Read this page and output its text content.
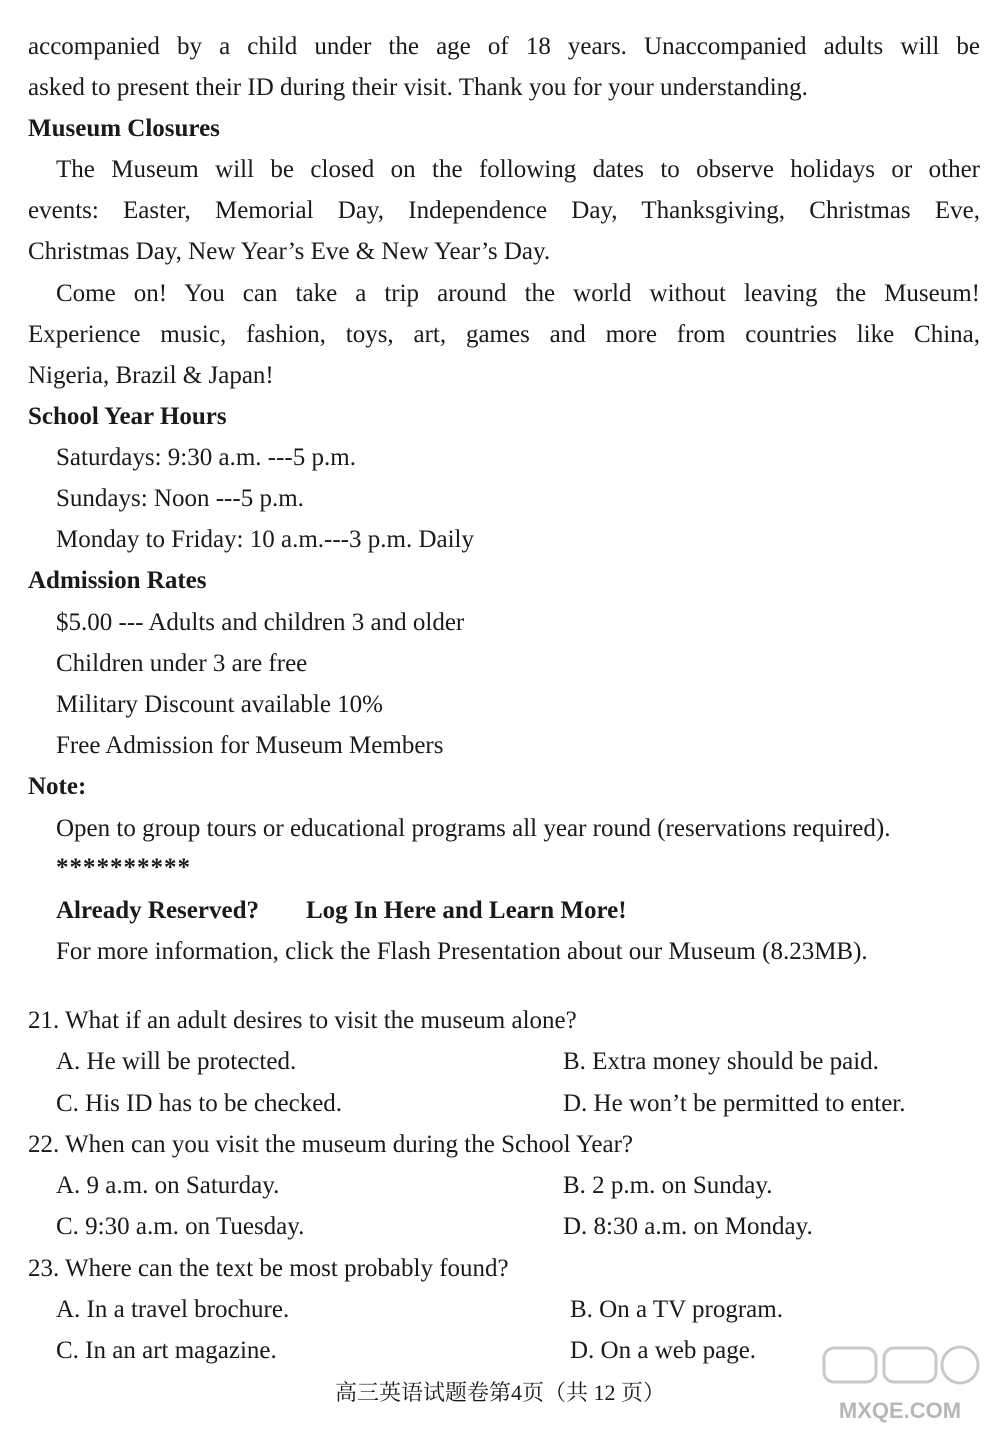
accompanied by a child under the age of 18 years. Unaccompanied adults will be
asked to present their ID during their visit. Thank you for your understanding.
Museum Closures
The Museum will be closed on the following dates to observe holidays or other
events: Easter, Memorial Day, Independence Day, Thanksgiving, Christmas Eve,
Christmas Day, New Year’s Eve & New Year’s Day.
Come on! You can take a trip around the world without leaving the Museum!
Experience music, fashion, toys, art, games and more from countries like China,
Nigeria, Brazil & Japan!
School Year Hours
Saturdays: 9:30 a.m. ---5 p.m.
Sundays: Noon ---5 p.m.
Monday to Friday: 10 a.m.---3 p.m. Daily
Admission Rates
$5.00 --- Adults and children 3 and older
Children under 3 are free
Military Discount available 10%
Free Admission for Museum Members
Note:
Open to group tours or educational programs all year round (reservations required).
**********
Already Reserved? Log In Here and Learn More!
For more information, click the Flash Presentation about our Museum (8.23MB).
21. What if an adult desires to visit the museum alone?
A. He will be protected.	B. Extra money should be paid.
C. His ID has to be checked.	D. He won’t be permitted to enter.
22. When can you visit the museum during the School Year?
A. 9 a.m. on Saturday.	B. 2 p.m. on Sunday.
C. 9:30 a.m. on Tuesday.	D. 8:30 a.m. on Monday.
23. Where can the text be most probably found?
A. In a travel brochure.	B. On a TV program.
C. In an art magazine.	D. On a web page.
高三英语试题卷第4页（共 12 页）
MXQE.COM
